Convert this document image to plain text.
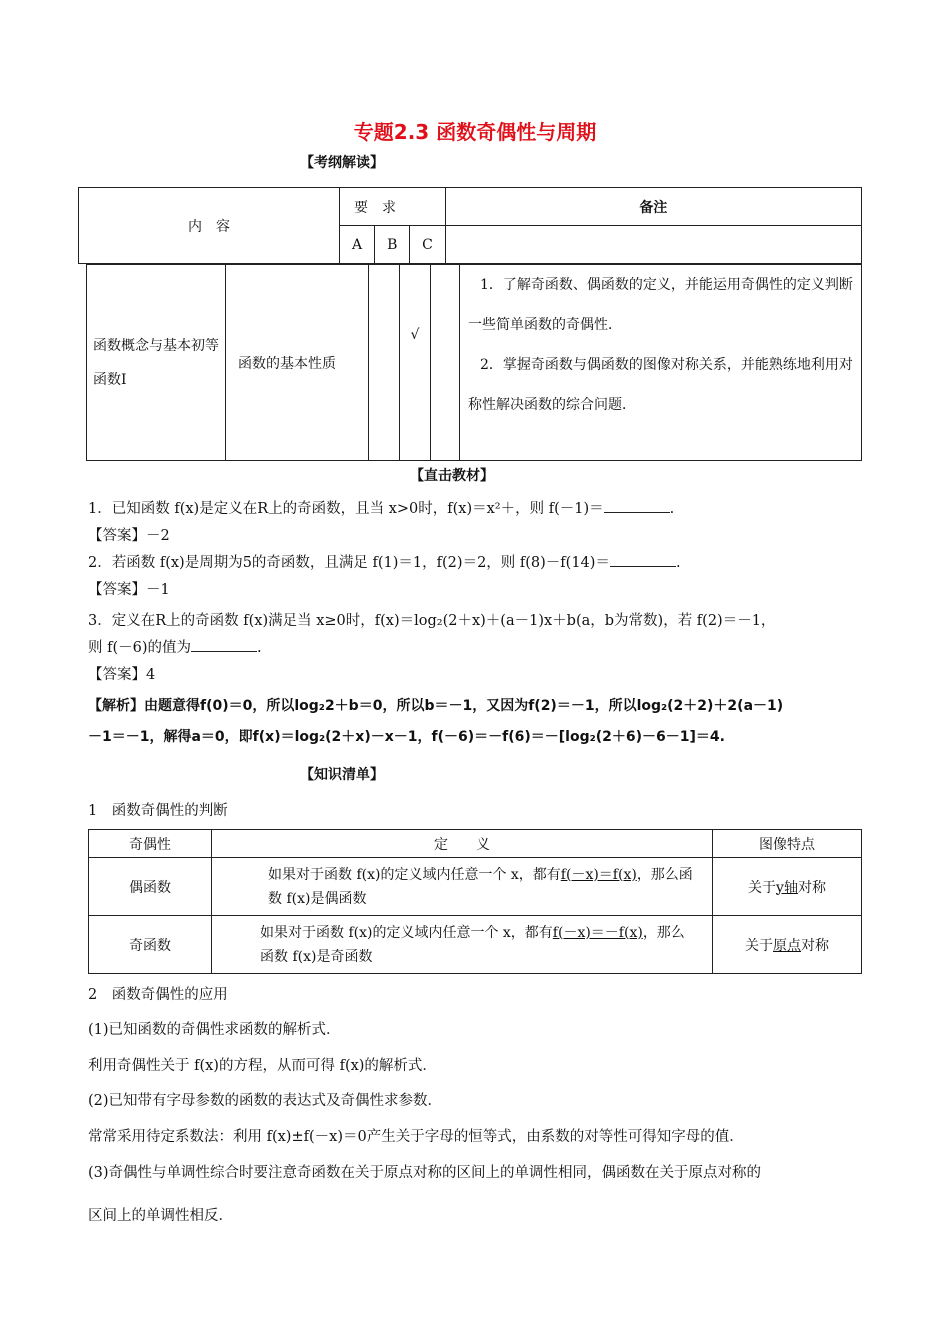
专题2.3 函数奇偶性与周期
【考纲解读】
内　容	要　求			备注
	A	B	C	
函数概念与基本初等函数Ⅰ	函数的基本性质		√		
1．了解奇函数、偶函数的定义，并能运用奇偶性的定义判断一些简单函数的奇偶性．
2．掌握奇函数与偶函数的图像对称关系，并能熟练地利用对称性解决函数的综合问题．
【直击教材】
1．已知函数 f(x)是定义在R上的奇函数，且当 x>0时，f(x)＝x²＋，则 f(－1)＝	.
【答案】－2
2．若函数 f(x)是周期为5的奇函数，且满足 f(1)＝1，f(2)＝2，则 f(8)－f(14)＝	.
【答案】－1
3．定义在R上的奇函数 f(x)满足当 x≥0时，f(x)＝log₂(2＋x)＋(a－1)x＋b(a，b为常数)，若 f(2)＝－1，
则 f(－6)的值为	.
【答案】4
【解析】由题意得f(0)＝0，所以log₂2＋b＝0，所以b＝－1，又因为f(2)＝－1，所以log₂(2＋2)＋2(a－1)
－1＝－1，解得a＝0，即f(x)＝log₂(2＋x)－x－1，f(－6)＝－f(6)＝－[log₂(2＋6)－6－1]＝4.
【知识清单】
1　函数奇偶性的判断
奇偶性	定　　义	图像特点
偶函数	如果对于函数 f(x)的定义域内任意一个 x，都有f(－x)＝f(x)，那么函数 f(x)是偶函数	关于y轴对称
奇函数	如果对于函数 f(x)的定义域内任意一个 x，都有f(－x)＝－f(x)，那么函数 f(x)是奇函数	关于原点对称
2　函数奇偶性的应用
(1)已知函数的奇偶性求函数的解析式．
利用奇偶性关于 f(x)的方程，从而可得 f(x)的解析式．
(2)已知带有字母参数的函数的表达式及奇偶性求参数．
常常采用待定系数法：利用 f(x)±f(－x)＝0产生关于字母的恒等式，由系数的对等性可得知字母的值．
(3)奇偶性与单调性综合时要注意奇函数在关于原点对称的区间上的单调性相同，偶函数在关于原点对称的
区间上的单调性相反．
